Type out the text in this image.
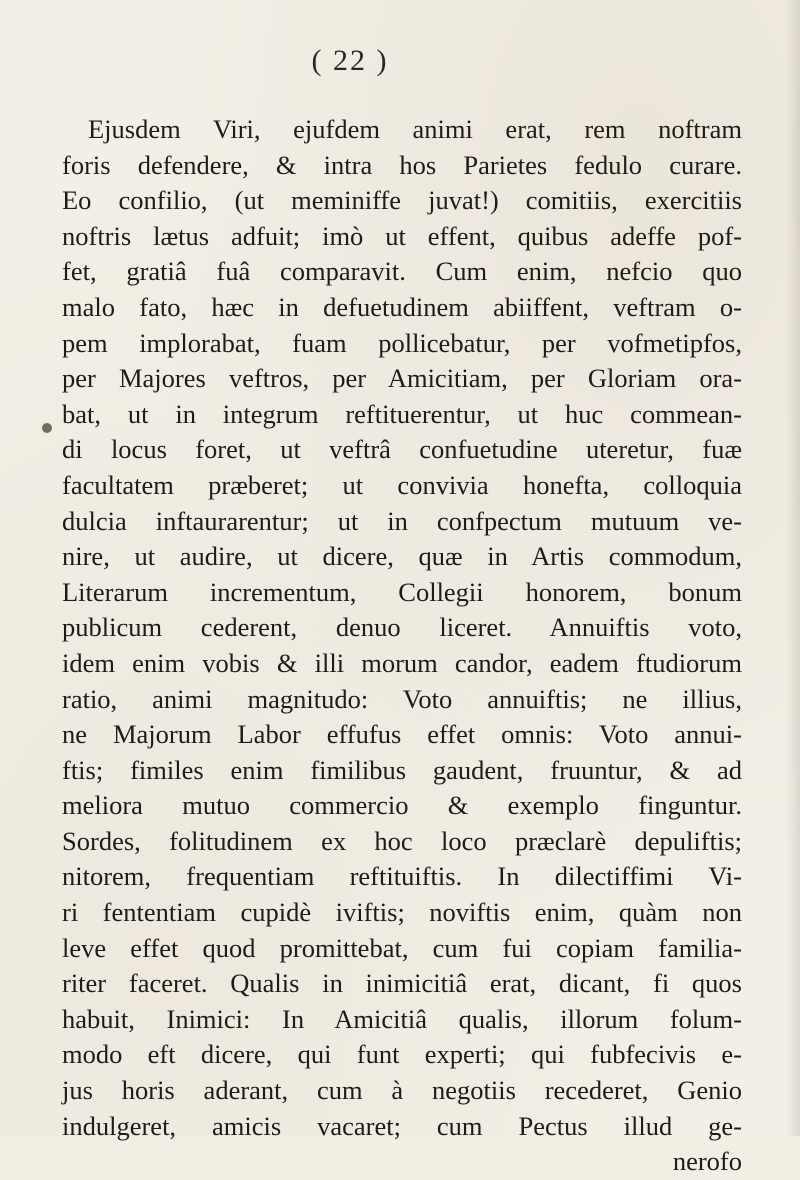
( 22 )
Ejusdem Viri, ejufdem animi erat, rem noftram
foris defendere, & intra hos Parietes fedulo curare.
Eo confilio, (ut meminiffe juvat!) comitiis, exercitiis
noftris lætus adfuit; imò ut effent, quibus adeffe pof-
fet, gratiâ fuâ comparavit. Cum enim, nefcio quo
malo fato, hæc in defuetudinem abiiffent, veftram o-
pem implorabat, fuam pollicebatur, per vofmetipfos,
per Majores veftros, per Amicitiam, per Gloriam ora-
bat, ut in integrum reftituerentur, ut huc commean-
di locus foret, ut veftrâ confuetudine uteretur, fuæ
facultatem præberet; ut convivia honefta, colloquia
dulcia inftaurarentur; ut in confpectum mutuum ve-
nire, ut audire, ut dicere, quæ in Artis commodum,
Literarum incrementum, Collegii honorem, bonum
publicum cederent, denuo liceret. Annuiftis voto,
idem enim vobis & illi morum candor, eadem ftudiorum
ratio, animi magnitudo: Voto annuiftis; ne illius,
ne Majorum Labor effufus effet omnis: Voto annui-
ftis; fimiles enim fimilibus gaudent, fruuntur, & ad
meliora mutuo commercio & exemplo finguntur.
Sordes, folitudinem ex hoc loco præclarè depuliftis;
nitorem, frequentiam reftituiftis. In dilectiffimi Vi-
ri fententiam cupidè iviftis; noviftis enim, quàm non
leve effet quod promittebat, cum fui copiam familia-
riter faceret. Qualis in inimicitiâ erat, dicant, fi quos
habuit, Inimici: In Amicitiâ qualis, illorum folum-
modo eft dicere, qui funt experti; qui fubfecivis e-
jus horis aderant, cum à negotiis recederet, Genio
indulgeret, amicis vacaret; cum Pectus illud ge-
nerofo
